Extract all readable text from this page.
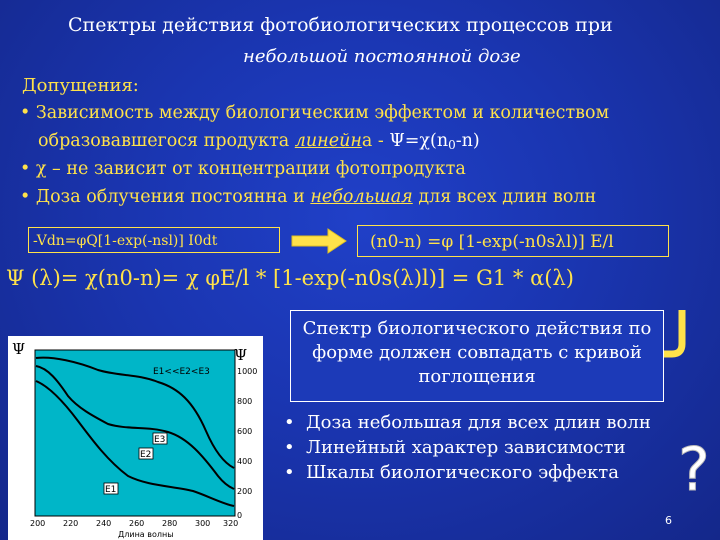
Спектры действия фотобиологических процессов при
небольшой постоянной дозе
Допущения:
• Зависимость между биологическим эффектом и количеством
образовавшегося продукта линейна - $\Psi=\chi(n_0-n)$
• χ – не зависит от концентрации фотопродукта
• Доза облучения постоянна и небольшая для всех длин волн
-Vdn=φQ[1-exp(-nsl)] I0dt	(n0-n) =φ [1-exp(-n0sλl)] E/l
Ψ (λ)= χ(n0-n)= χ φE/l * [1-exp(-n0s(λ)l)] = G1 * α(λ)
Спектр биологического действия по форме должен совпадать с кривой поглощения
• Доза небольшая для всех длин волн
• Линейный характер зависимости
• Шкалы биологического эффекта ?
6
Ψ	Ψ
1000
800
600
400
200
0
200 220 240 260 280 300 320
Длина волны
E1<<E2<E3
E3
E2
E1
